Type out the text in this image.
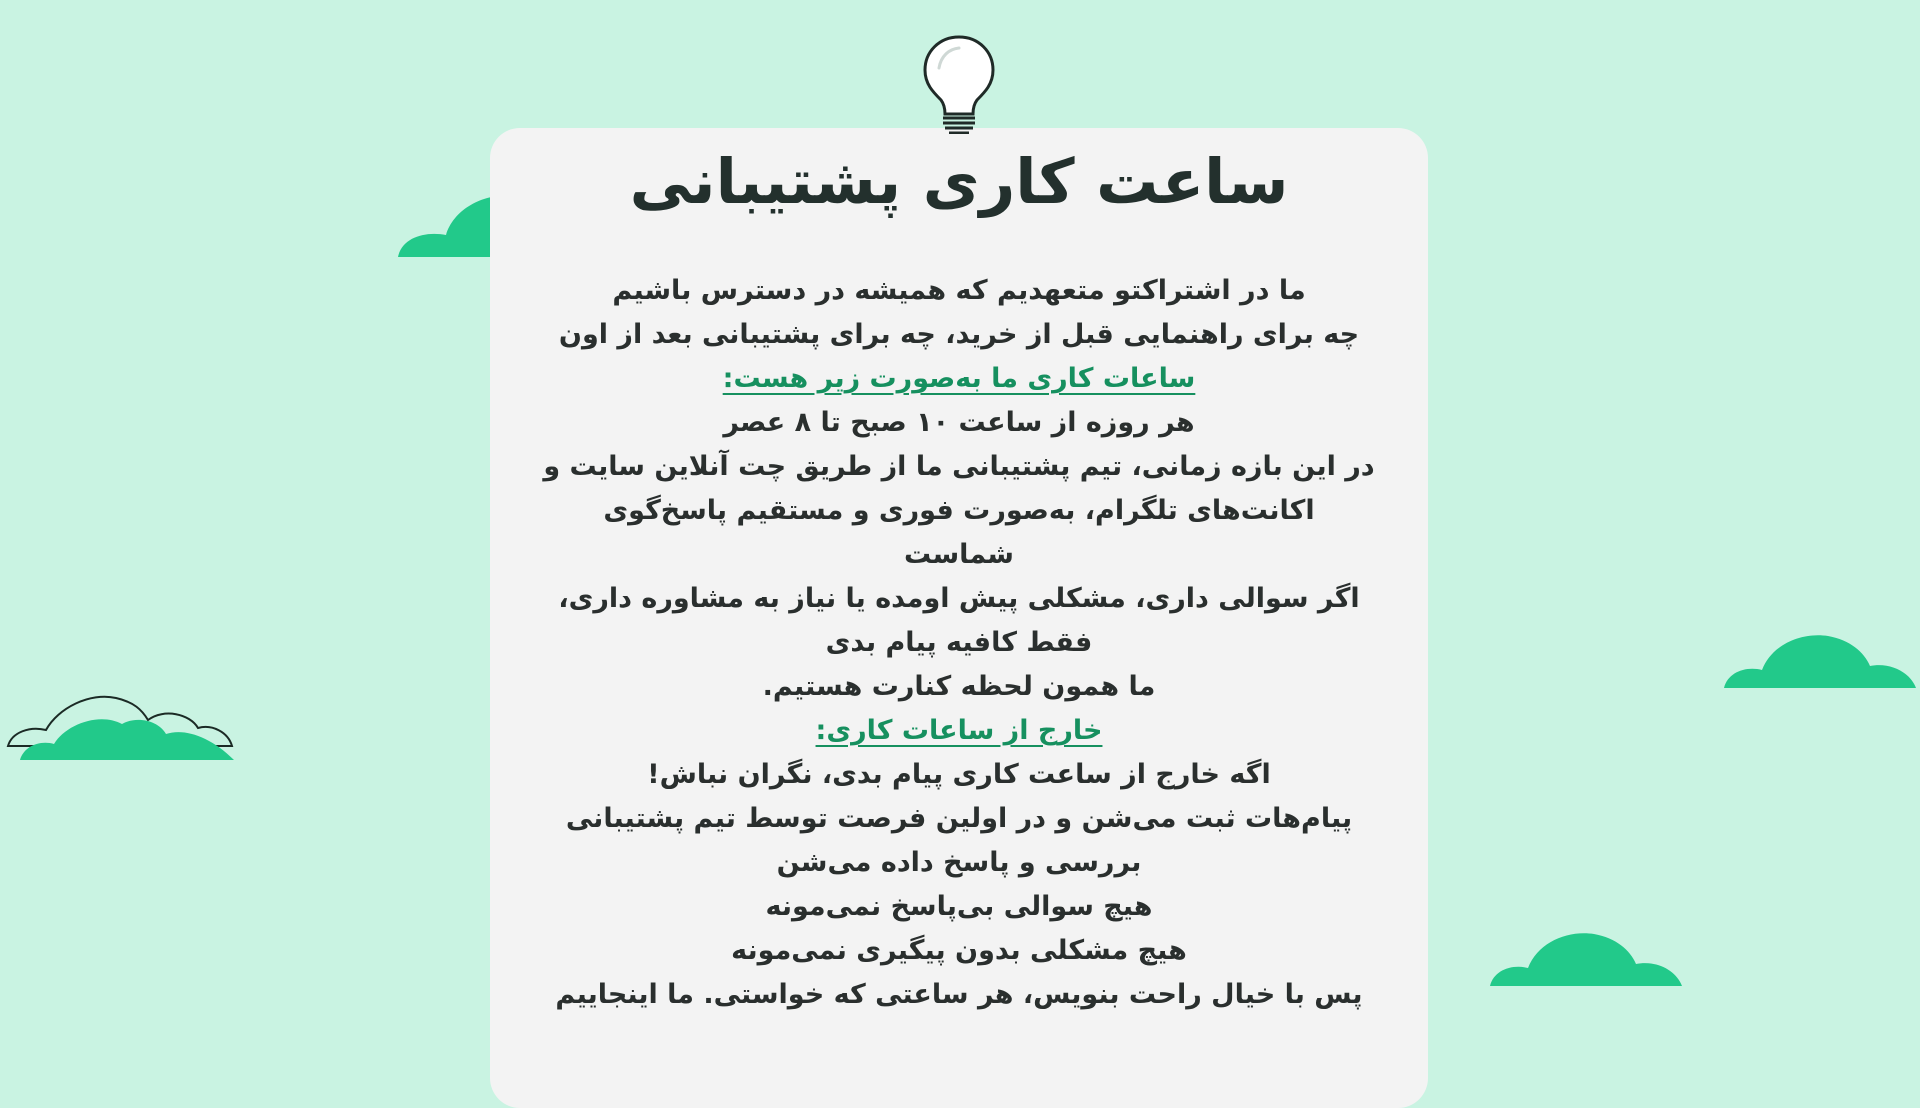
ساعت کاری پشتیبانی
ما در اشتراکتو متعهدیم که همیشه در دسترس باشیم
چه برای راهنمایی قبل از خرید، چه برای پشتیبانی بعد از اون
ساعات کاری ما به‌صورت زیر هست:
هر روزه از ساعت ۱۰ صبح تا ۸ عصر
در این بازه زمانی، تیم پشتیبانی ما از طریق چت آنلاین سایت و
اکانت‌های تلگرام، به‌صورت فوری و مستقیم پاسخ‌گوی
شماست
اگر سوالی داری، مشکلی پیش اومده یا نیاز به مشاوره داری،
فقط کافیه پیام بدی
ما همون لحظه کنارت هستیم.
خارج از ساعات کاری:
اگه خارج از ساعت کاری پیام بدی، نگران نباش!
پیام‌هات ثبت می‌شن و در اولین فرصت توسط تیم پشتیبانی
بررسی و پاسخ داده می‌شن
هیچ سوالی بی‌پاسخ نمی‌مونه
هیچ مشکلی بدون پیگیری نمی‌مونه
پس با خیال راحت بنویس، هر ساعتی که خواستی. ما اینجاییم
